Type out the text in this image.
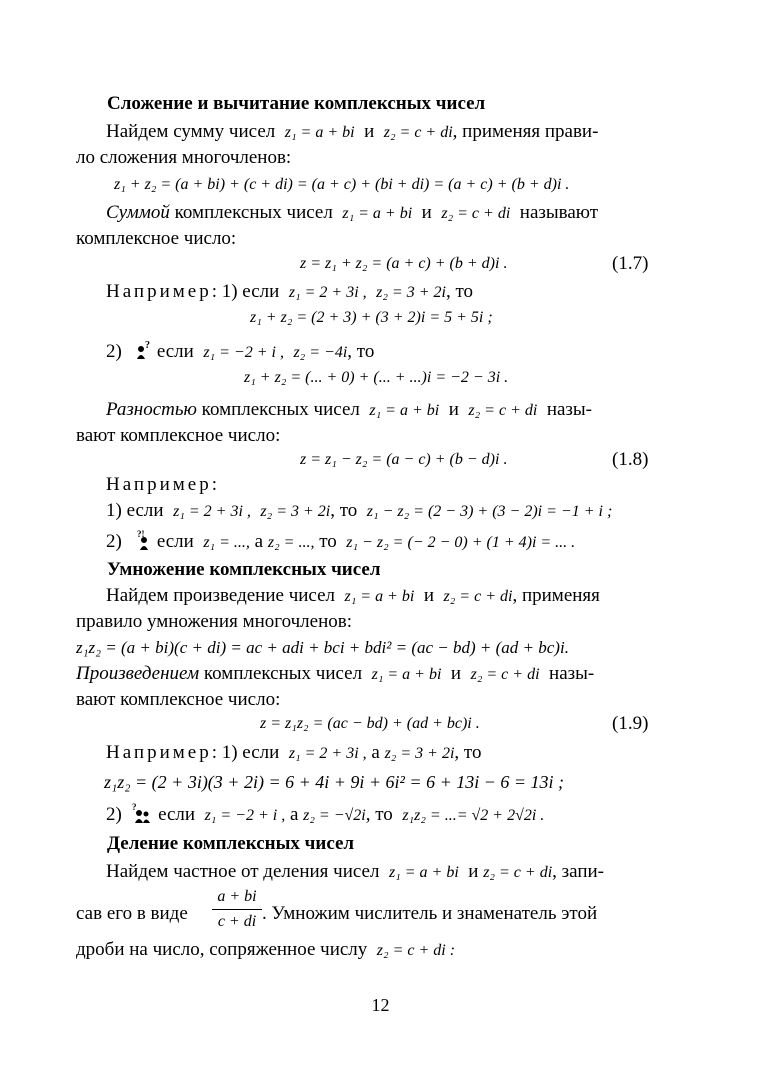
Сложение и вычитание комплексных чисел
Найдем сумму чисел z₁ = a + bi и z₂ = c + di, применяя прави-
ло сложения многочленов:
z₁ + z₂ = (a + bi) + (c + di) = (a + c) + (bi + di) = (a + c) + (b + d)i .
Суммой комплексных чисел z₁ = a + bi и z₂ = c + di называют
комплексное число:
z = z₁ + z₂ = (a + c) + (b + d)i .	(1.7)
Например: 1) если z₁ = 2 + 3i , z₂ = 3 + 2i, то
z₁ + z₂ = (2 + 3) + (3 + 2)i = 5 + 5i ;
2) ? если z₁ = −2 + i , z₂ = −4i, то
z₁ + z₂ = (... + 0) + (... + ...)i = −2 − 3i .
Разностью комплексных чисел z₁ = a + bi и z₂ = c + di назы-
вают комплексное число:
z = z₁ − z₂ = (a − c) + (b − d)i .	(1.8)
Например:
1) если z₁ = 2 + 3i , z₂ = 3 + 2i, то z₁ − z₂ = (2 − 3) + (3 − 2)i = −1 + i ;
2) ?! если z₁ = ..., а z₂ = ..., то z₁ − z₂ = (− 2 − 0) + (1 + 4)i = ... .
Умножение комплексных чисел
Найдем произведение чисел z₁ = a + bi и z₂ = c + di, применяя
правило умножения многочленов:
z₁z₂ = (a + bi)(c + di) = ac + adi + bci + bdi² = (ac − bd) + (ad + bc)i.
Произведением комплексных чисел z₁ = a + bi и z₂ = c + di назы-
вают комплексное число:
z = z₁z₂ = (ac − bd) + (ad + bc)i .	(1.9)
Например: 1) если z₁ = 2 + 3i , а z₂ = 3 + 2i, то
z₁z₂ = (2 + 3i)(3 + 2i) = 6 + 4i + 9i + 6i² = 6 + 13i − 6 = 13i ;
2) ? если z₁ = −2 + i , а z₂ = −√2i, то z₁z₂ = ...= √2 + 2√2i .
Деление комплексных чисел
Найдем частное от деления чисел z₁ = a + bi и z₂ = c + di, запи-
сав его в виде
a + bi
c + di . Умножим числитель и знаменатель этой
дроби на число, сопряженное числу z₂ = c + di :
12
